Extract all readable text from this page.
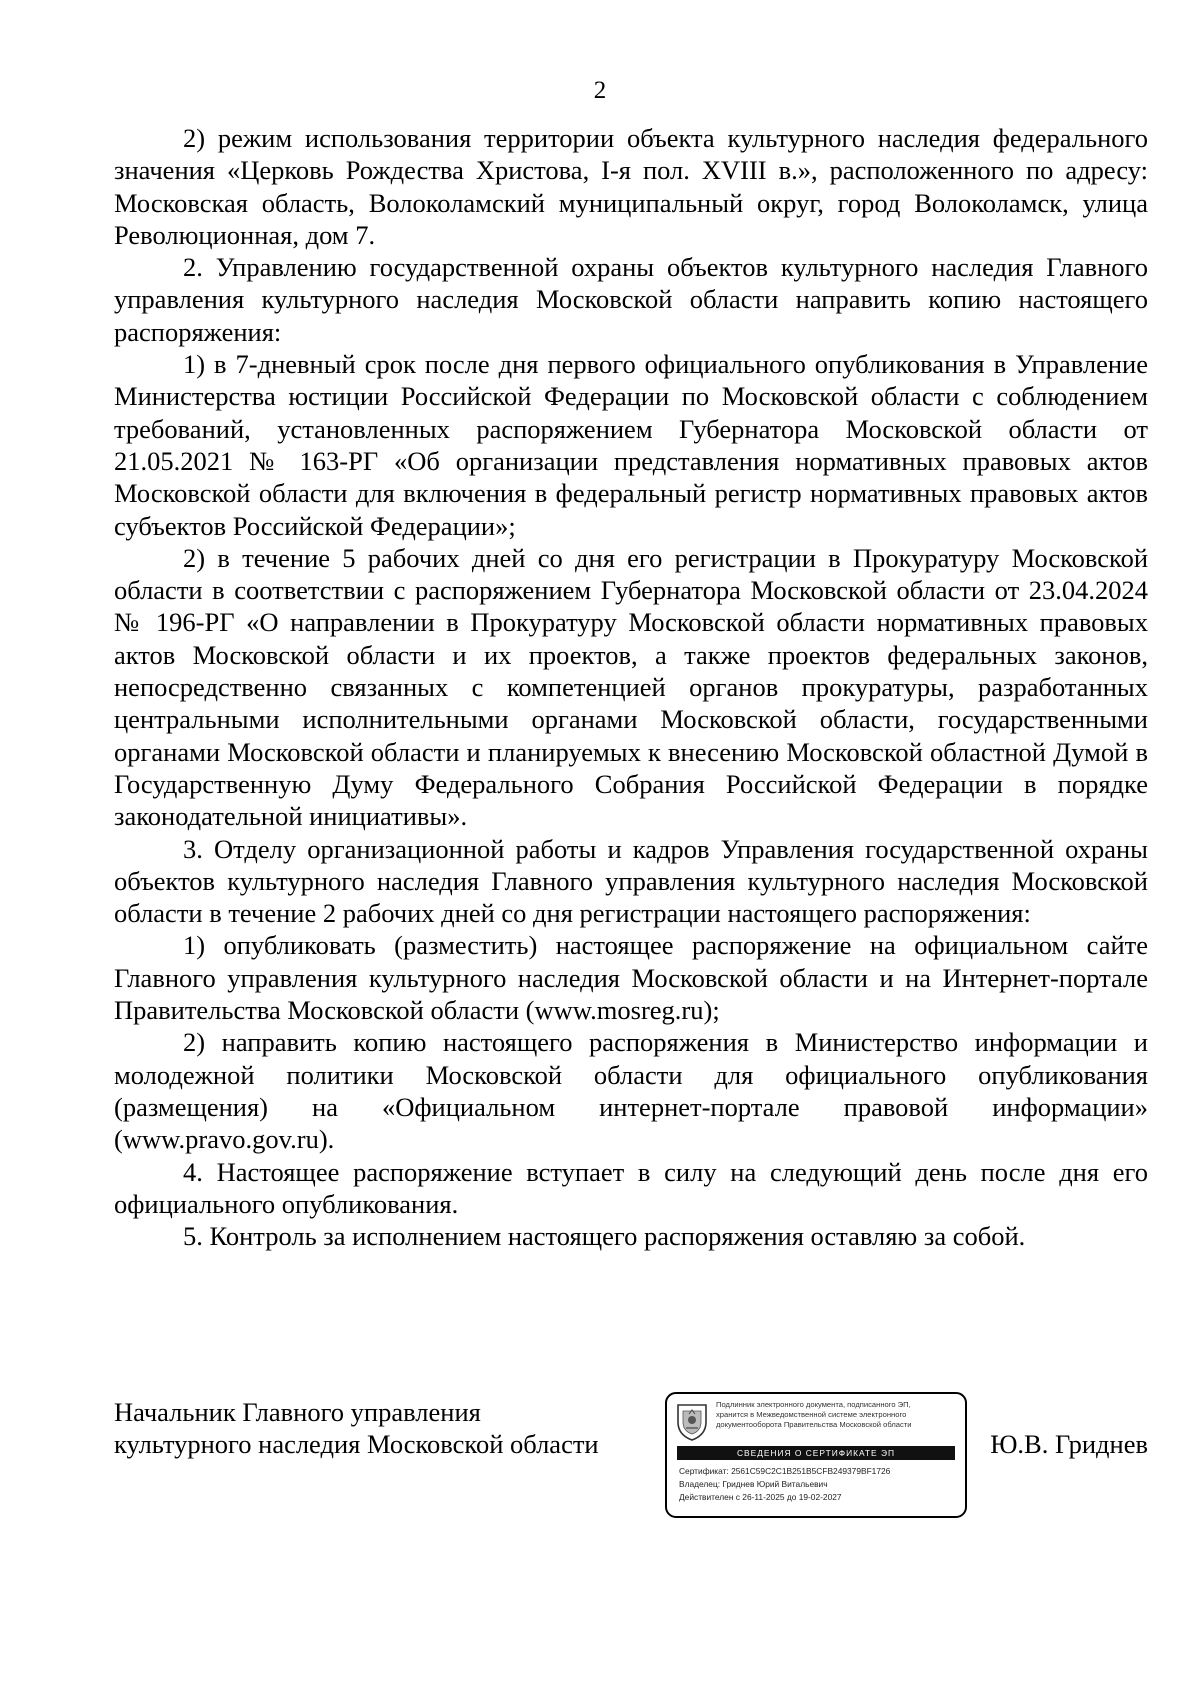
2

2) режим использования территории объекта культурного наследия федерального значения «Церковь Рождества Христова, I-я пол. XVIII в.», расположенного по адресу: Московская область, Волоколамский муниципальный округ, город Волоколамск, улица Революционная, дом 7.

2. Управлению государственной охраны объектов культурного наследия Главного управления культурного наследия Московской области направить копию настоящего распоряжения:

1) в 7-дневный срок после дня первого официального опубликования в Управление Министерства юстиции Российской Федерации по Московской области с соблюдением требований, установленных распоряжением Губернатора Московской области от 21.05.2021 № 163-РГ «Об организации представления нормативных правовых актов Московской области для включения в федеральный регистр нормативных правовых актов субъектов Российской Федерации»;

2) в течение 5 рабочих дней со дня его регистрации в Прокуратуру Московской области в соответствии с распоряжением Губернатора Московской области от 23.04.2024 № 196-РГ «О направлении в Прокуратуру Московской области нормативных правовых актов Московской области и их проектов, а также проектов федеральных законов, непосредственно связанных с компетенцией органов прокуратуры, разработанных центральными исполнительными органами Московской области, государственными органами Московской области и планируемых к внесению Московской областной Думой в Государственную Думу Федерального Собрания Российской Федерации в порядке законодательной инициативы».

3. Отделу организационной работы и кадров Управления государственной охраны объектов культурного наследия Главного управления культурного наследия Московской области в течение 2 рабочих дней со дня регистрации настоящего распоряжения:

1) опубликовать (разместить) настоящее распоряжение на официальном сайте Главного управления культурного наследия Московской области и на Интернет-портале Правительства Московской области (www.mosreg.ru);

2) направить копию настоящего распоряжения в Министерство информации и молодежной политики Московской области для официального опубликования (размещения) на «Официальном интернет-портале правовой информации» (www.pravo.gov.ru).

4. Настоящее распоряжение вступает в силу на следующий день после дня его официального опубликования.

5. Контроль за исполнением настоящего распоряжения оставляю за собой.

Начальник Главного управления
культурного наследия Московской области
Подлинник электронного документа, подписанного ЭП,
хранится в Межведомственной системе электронного
документооборота Правительства Московской области
СВЕДЕНИЯ О СЕРТИФИКАТЕ ЭП
Сертификат: 2561C59C2C1B251B5CFB249379BF1726
Владелец: Гриднев Юрий Витальевич
Действителен с 26-11-2025 до 19-02-2027
Ю.В. Гриднев
